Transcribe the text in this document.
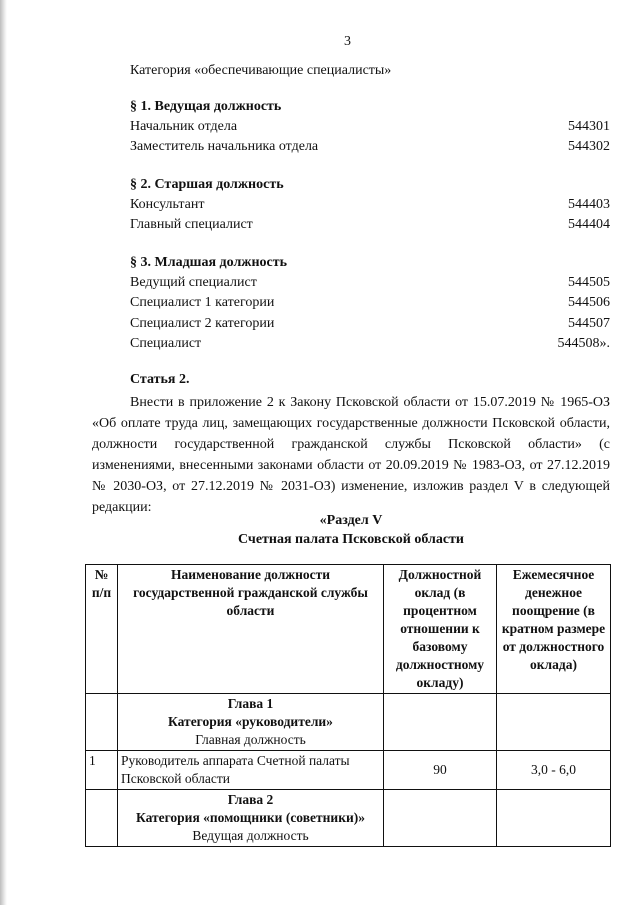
3
Категория «обеспечивающие специалисты»
§ 1. Ведущая должность
Начальник отдела	544301
Заместитель начальника отдела	544302
§ 2. Старшая должность
Консультант	544403
Главный специалист	544404
§ 3. Младшая должность
Ведущий специалист	544505
Специалист 1 категории	544506
Специалист 2 категории	544507
Специалист	544508».
Статья 2.

Внести в приложение 2 к Закону Псковской области от 15.07.2019 № 1965-ОЗ «Об оплате труда лиц, замещающих государственные должности Псковской области, должности государственной гражданской службы Псковской области» (с изменениями, внесенными законами области от 20.09.2019 № 1983-ОЗ, от 27.12.2019 № 2030-ОЗ, от 27.12.2019 № 2031-ОЗ) изменение, изложив раздел V в следующей редакции:

«Раздел V
Счетная палата Псковской области
№ п/п	Наименование должности государственной гражданской службы области	Должностной оклад (в процентном отношении к базовому должностному окладу)	Ежемесячное денежное поощрение (в кратном размере от должностного оклада)

	Глава 1
Категория «руководители»
Главная должность		

1	Руководитель аппарата Счетной палаты Псковской области	90	3,0 - 6,0

	Глава 2
Категория «помощники (советники)»
Ведущая должность		
